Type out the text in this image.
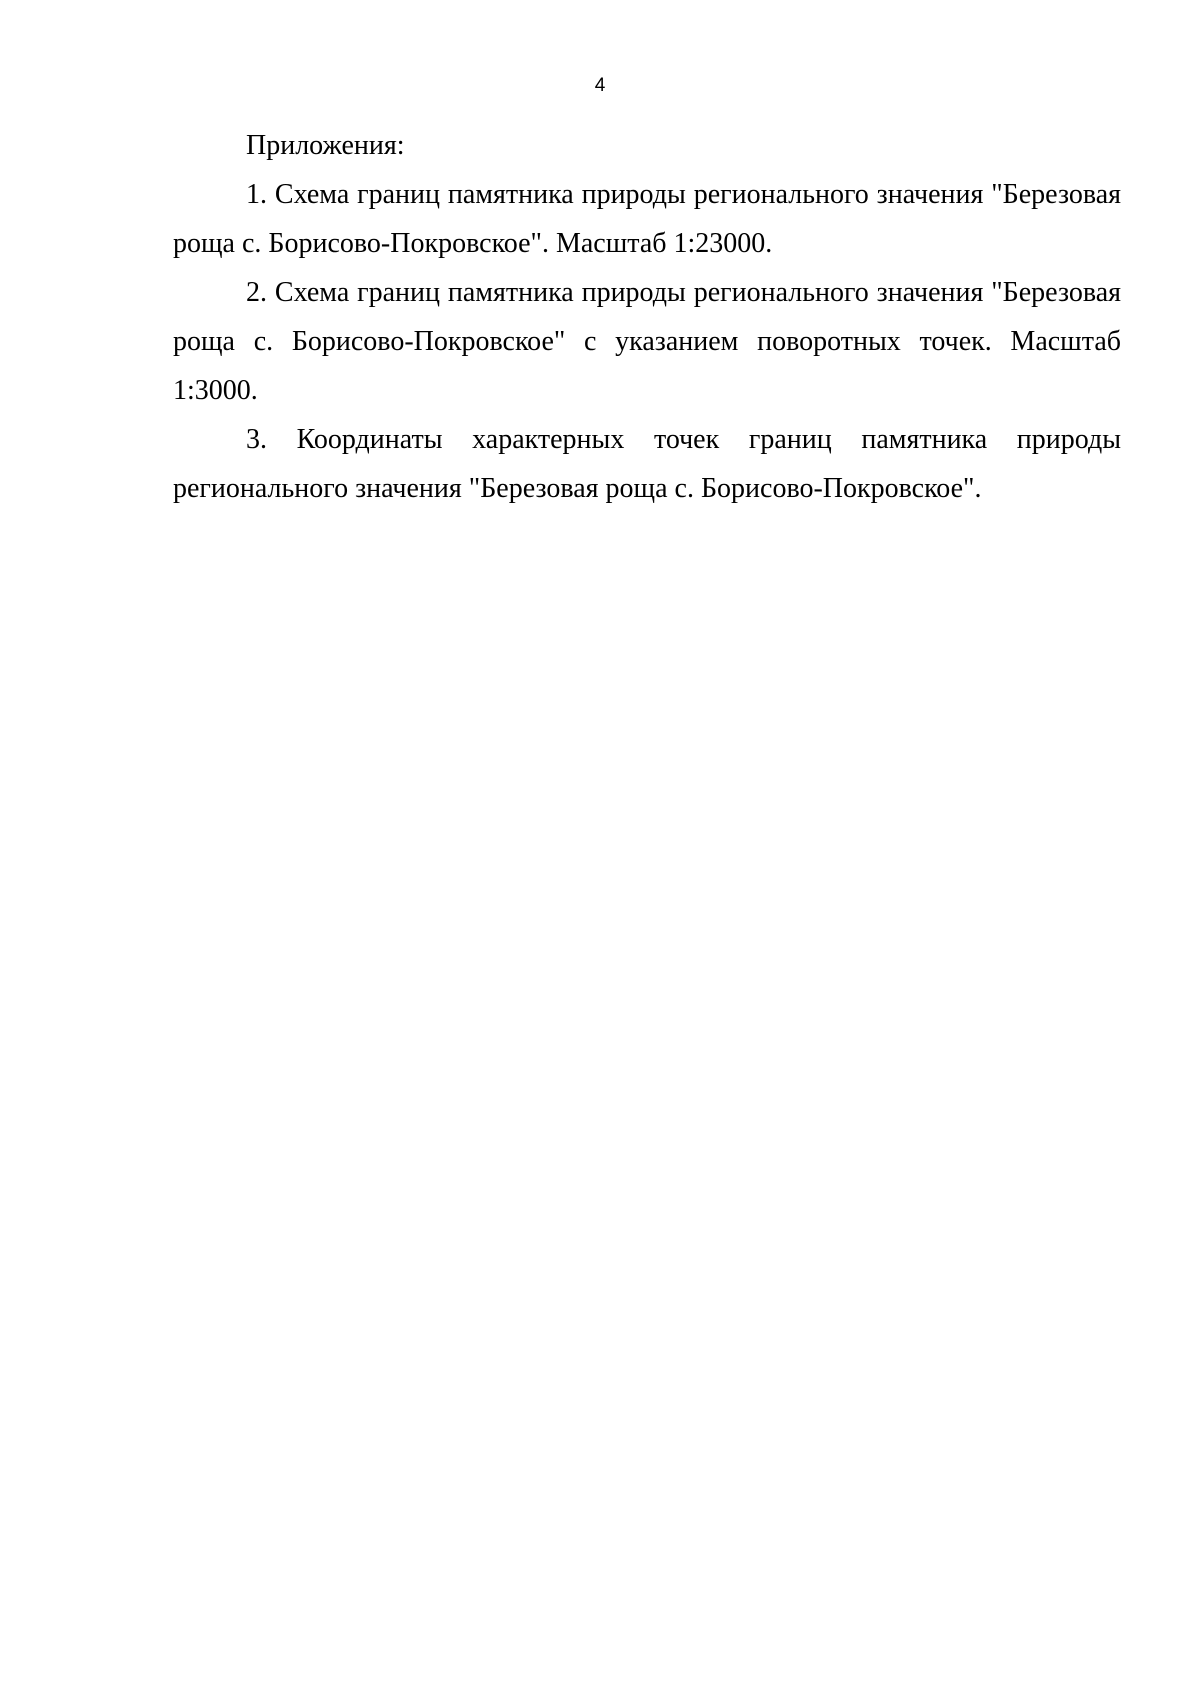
4

Приложения:

1. Схема границ памятника природы регионального значения "Березовая роща с. Борисово-Покровское". Масштаб 1:23000.

2. Схема границ памятника природы регионального значения "Березовая роща с. Борисово-Покровское" с указанием поворотных точек. Масштаб 1:3000.

3. Координаты характерных точек границ памятника природы регионального значения "Березовая роща с. Борисово-Покровское".
